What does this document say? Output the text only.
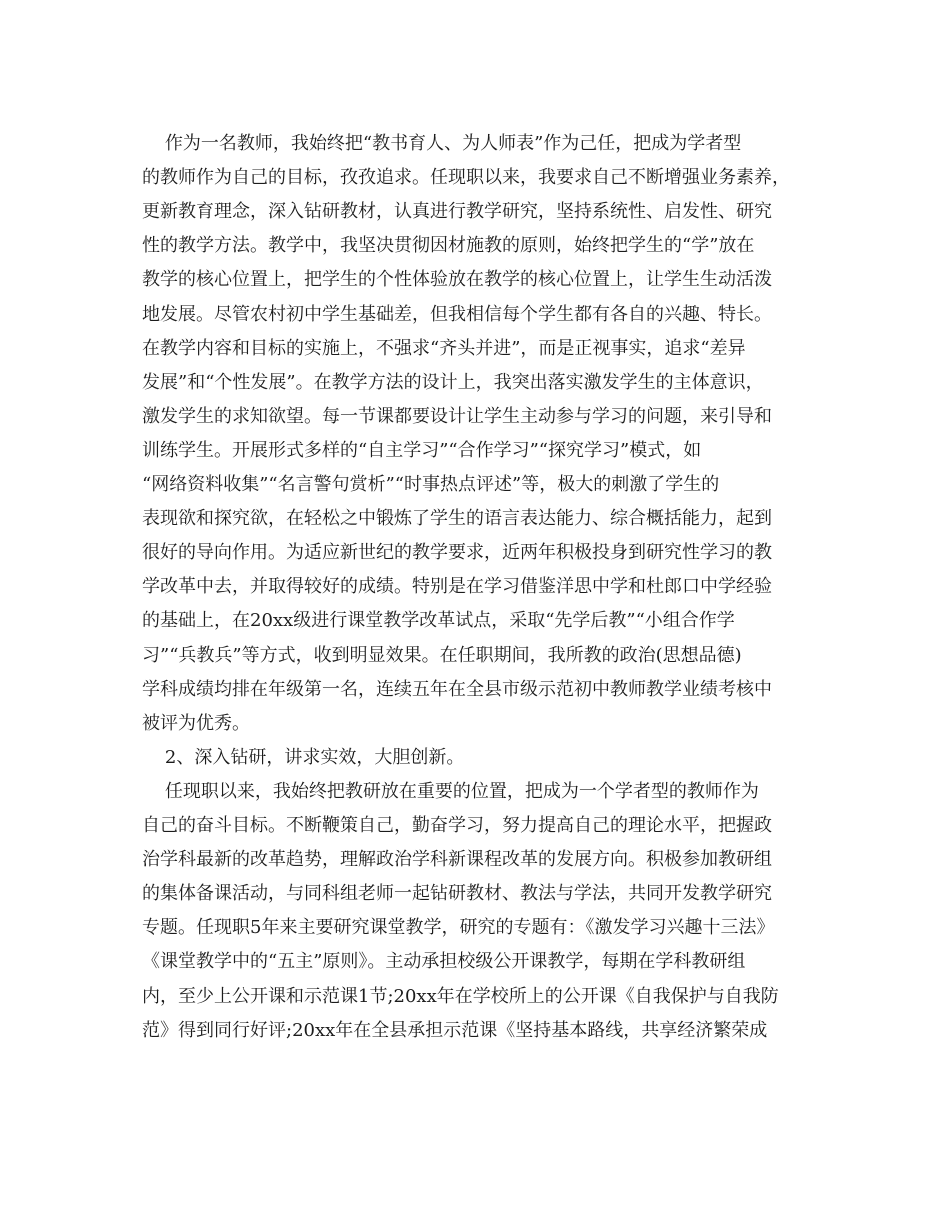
作为一名教师，我始终把“教书育人、为人师表”作为己任，把成为学者型
的教师作为自己的目标，孜孜追求。任现职以来，我要求自己不断增强业务素养，
更新教育理念，深入钻研教材，认真进行教学研究，坚持系统性、启发性、研究
性的教学方法。教学中，我坚决贯彻因材施教的原则，始终把学生的“学”放在
教学的核心位置上，把学生的个性体验放在教学的核心位置上，让学生生动活泼
地发展。尽管农村初中学生基础差，但我相信每个学生都有各自的兴趣、特长。
在教学内容和目标的实施上，不强求“齐头并进”，而是正视事实，追求“差异
发展”和“个性发展”。在教学方法的设计上，我突出落实激发学生的主体意识，
激发学生的求知欲望。每一节课都要设计让学生主动参与学习的问题，来引导和
训练学生。开展形式多样的“自主学习”“合作学习”“探究学习”模式，如
“网络资料收集”“名言警句赏析”“时事热点评述”等，极大的刺激了学生的
表现欲和探究欲，在轻松之中锻炼了学生的语言表达能力、综合概括能力，起到
很好的导向作用。为适应新世纪的教学要求，近两年积极投身到研究性学习的教
学改革中去，并取得较好的成绩。特别是在学习借鉴洋思中学和杜郎口中学经验
的基础上，在20xx级进行课堂教学改革试点，采取“先学后教”“小组合作学
习”“兵教兵”等方式，收到明显效果。在任职期间，我所教的政治(思想品德)
学科成绩均排在年级第一名，连续五年在全县市级示范初中教师教学业绩考核中
被评为优秀。
2、深入钻研，讲求实效，大胆创新。
任现职以来，我始终把教研放在重要的位置，把成为一个学者型的教师作为
自己的奋斗目标。不断鞭策自己，勤奋学习，努力提高自己的理论水平，把握政
治学科最新的改革趋势，理解政治学科新课程改革的发展方向。积极参加教研组
的集体备课活动，与同科组老师一起钻研教材、教法与学法，共同开发教学研究
专题。任现职5年来主要研究课堂教学，研究的专题有：《激发学习兴趣十三法》
《课堂教学中的“五主”原则》。主动承担校级公开课教学，每期在学科教研组
内，至少上公开课和示范课1节;20xx年在学校所上的公开课《自我保护与自我防
范》得到同行好评;20xx年在全县承担示范课《坚持基本路线，共享经济繁荣成
